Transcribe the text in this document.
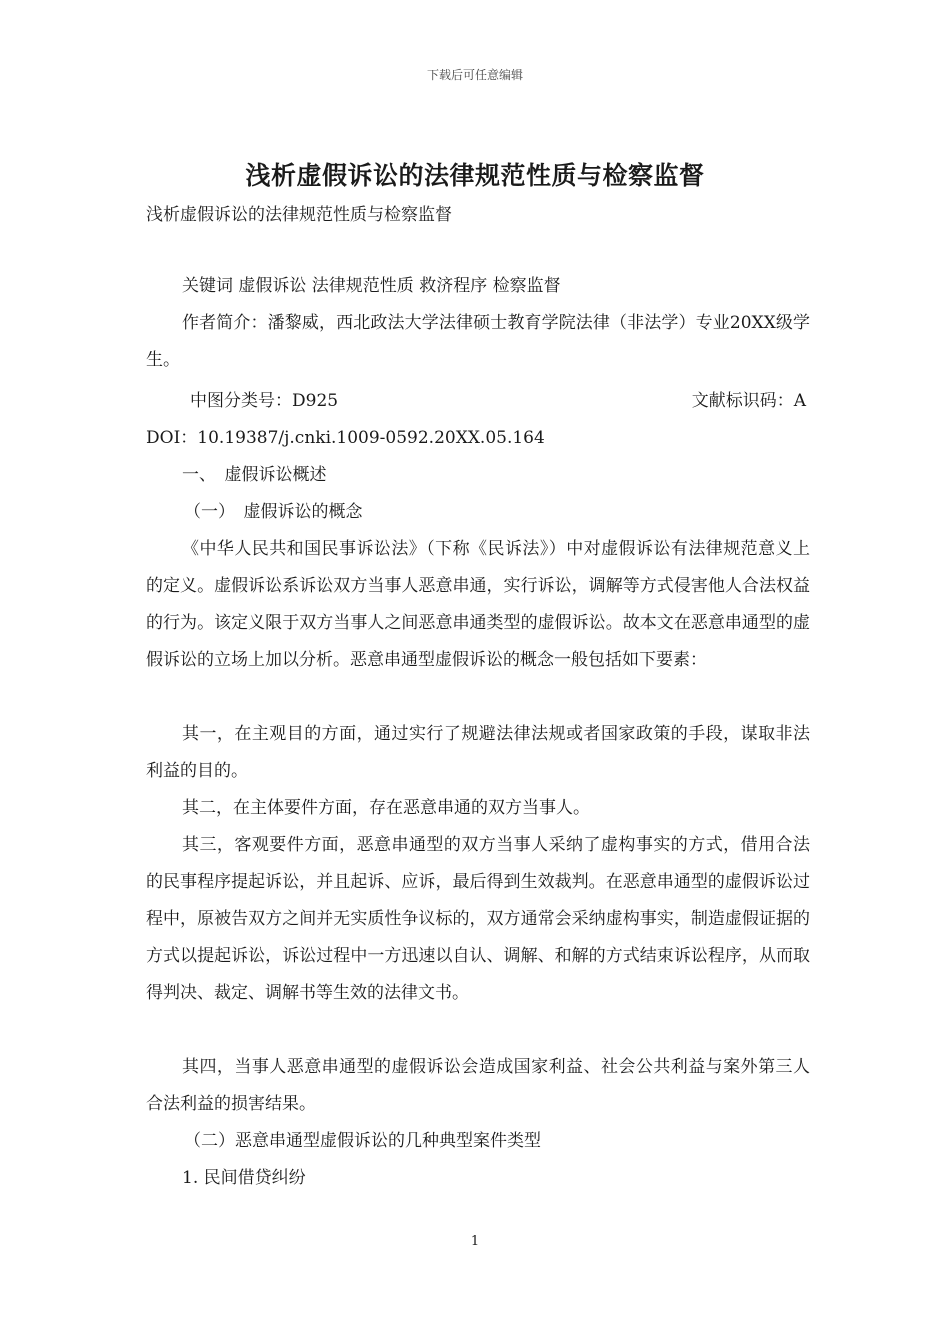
下载后可任意编辑
浅析虚假诉讼的法律规范性质与检察监督
浅析虚假诉讼的法律规范性质与检察监督
关键词 虚假诉讼 法律规范性质 救济程序 检察监督
作者简介：潘黎威，西北政法大学法律硕士教育学院法律（非法学）专业20XX级学生。
中图分类号：D925	文献标识码：A
DOI：10.19387/j.cnki.1009-0592.20XX.05.164
一、　虚假诉讼概述
（一）　虚假诉讼的概念
《中华人民共和国民事诉讼法》（下称《民诉法》）中对虚假诉讼有法律规范意义上的定义。虚假诉讼系诉讼双方当事人恶意串通，实行诉讼，调解等方式侵害他人合法权益的行为。该定义限于双方当事人之间恶意串通类型的虚假诉讼。故本文在恶意串通型的虚假诉讼的立场上加以分析。恶意串通型虚假诉讼的概念一般包括如下要素：
其一，在主观目的方面，通过实行了规避法律法规或者国家政策的手段，谋取非法利益的目的。
其二，在主体要件方面，存在恶意串通的双方当事人。
其三，客观要件方面，恶意串通型的双方当事人采纳了虚构事实的方式，借用合法的民事程序提起诉讼，并且起诉、应诉，最后得到生效裁判。在恶意串通型的虚假诉讼过程中，原被告双方之间并无实质性争议标的，双方通常会采纳虚构事实，制造虚假证据的方式以提起诉讼，诉讼过程中一方迅速以自认、调解、和解的方式结束诉讼程序，从而取得判决、裁定、调解书等生效的法律文书。
其四，当事人恶意串通型的虚假诉讼会造成国家利益、社会公共利益与案外第三人合法利益的损害结果。
（二）恶意串通型虚假诉讼的几种典型案件类型
1. 民间借贷纠纷
1
